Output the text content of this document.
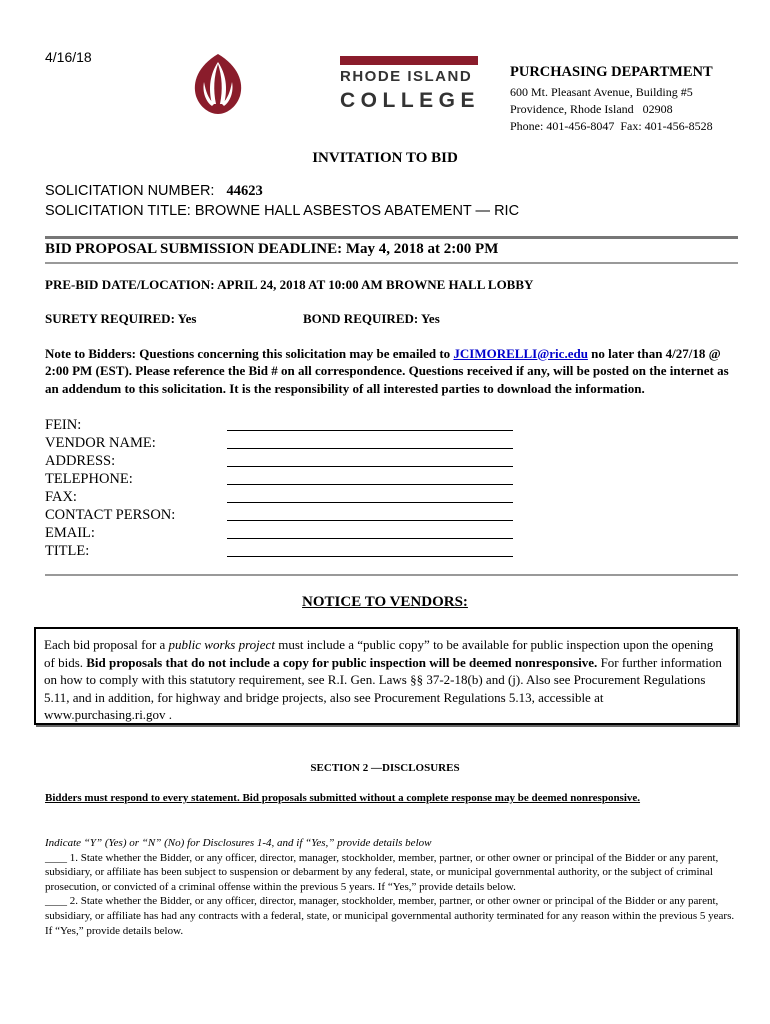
4/16/18
RHODE ISLAND
COLLEGE
PURCHASING DEPARTMENT
600 Mt. Pleasant Avenue, Building #5
Providence, Rhode Island   02908
Phone: 401-456-8047  Fax: 401-456-8528
INVITATION TO BID
SOLICITATION NUMBER:   44623
SOLICITATION TITLE: BROWNE HALL ASBESTOS ABATEMENT — RIC
BID PROPOSAL SUBMISSION DEADLINE: May 4, 2018 at 2:00 PM
PRE-BID DATE/LOCATION: APRIL 24, 2018 AT 10:00 AM BROWNE HALL LOBBY
SURETY REQUIRED: Yes	BOND REQUIRED: Yes

Note to Bidders: Questions concerning this solicitation may be emailed to JCIMORELLI@ric.edu no later than 4/27/18 @ 2:00 PM (EST). Please reference the Bid # on all correspondence. Questions received if any, will be posted on the internet as an addendum to this solicitation. It is the responsibility of all interested parties to download the information.
FEIN:
VENDOR NAME:
ADDRESS:
TELEPHONE:
FAX:
CONTACT PERSON:
EMAIL:
TITLE:
NOTICE TO VENDORS:
Each bid proposal for a public works project must include a “public copy” to be available for public inspection upon the opening of bids. Bid proposals that do not include a copy for public inspection will be deemed nonresponsive. For further information on how to comply with this statutory requirement, see R.I. Gen. Laws §§ 37-2-18(b) and (j). Also see Procurement Regulations 5.11, and in addition, for highway and bridge projects, also see Procurement Regulations 5.13, accessible at www.purchasing.ri.gov .
SECTION 2 —DISCLOSURES
Bidders must respond to every statement. Bid proposals submitted without a complete response may be deemed nonresponsive.
Indicate “Y” (Yes) or “N” (No) for Disclosures 1-4, and if “Yes,” provide details below
____ 1. State whether the Bidder, or any officer, director, manager, stockholder, member, partner, or other owner or principal of the Bidder or any parent, subsidiary, or affiliate has been subject to suspension or debarment by any federal, state, or municipal governmental authority, or the subject of criminal prosecution, or convicted of a criminal offense within the previous 5 years. If “Yes,” provide details below.
____ 2. State whether the Bidder, or any officer, director, manager, stockholder, member, partner, or other owner or principal of the Bidder or any parent, subsidiary, or affiliate has had any contracts with a federal, state, or municipal governmental authority terminated for any reason within the previous 5 years. If “Yes,” provide details below.
